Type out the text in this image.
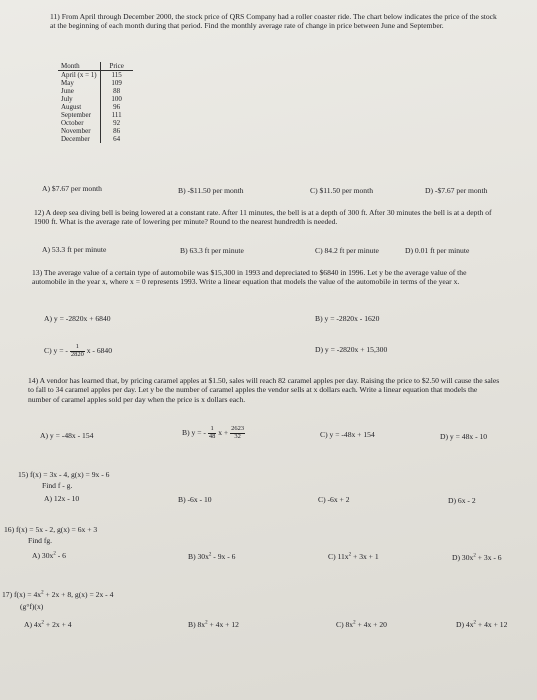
11) From April through December 2000, the stock price of QRS Company had a roller coaster ride. The chart below indicates the price of the stock at the beginning of each month during that period. Find the monthly average rate of change in price between June and September.
Month	Price
April (x = 1)	115
May	109
June	88
July	100
August	96
September	111
October	92
November	86
December	64
A) $7.67 per month	B) -$11.50 per month	C) $11.50 per month	D) -$7.67 per month
12) A deep sea diving bell is being lowered at a constant rate. After 11 minutes, the bell is at a depth of 300 ft. After 30 minutes the bell is at a depth of 1900 ft. What is the average rate of lowering per minute? Round to the nearest hundredth is needed.
A) 53.3 ft per minute	B) 63.3 ft per minute	C) 84.2 ft per minute	D) 0.01 ft per minute
13) The average value of a certain type of automobile was $15,300 in 1993 and depreciated to $6840 in 1996. Let y be the average value of the automobile in the year x, where x = 0 represents 1993. Write a linear equation that models the value of the automobile in terms of the year x.
A) y = -2820x + 6840	B) y = -2820x - 1620
C) y = - $\frac{1}{2820}$ x - 6840	D) y = -2820x + 15,300
14) A vendor has learned that, by pricing caramel apples at $1.50, sales will reach 82 caramel apples per day. Raising the price to $2.50 will cause the sales to fall to 34 caramel apples per day. Let y be the number of caramel apples the vendor sells at x dollars each. Write a linear equation that models the number of caramel apples sold per day when the price is x dollars each.
A) y = -48x - 154	B) y = - $\frac{1}{48}$ $x + \frac{2623}{32}$	C) y = -48x + 154	D) y = 48x - 10
15) f(x) = 3x - 4, g(x) = 9x - 6
Find f - g.
A) 12x - 10	B) -6x - 10	C) -6x + 2	D) 6x - 2
16) f(x) = 5x - 2, g(x) = 6x + 3
Find fg.
A) $30x^2 - 6$	B) $30x^2 - 9x - 6$	C) $11x^2 + 3x + 1$	D) $30x^2 + 3x - 6$
17) $f(x) = 4x^2 + 2x + 8$, g(x) = 2x - 4
(g°f)(x)
A) $4x^2 + 2x + 4$	B) $8x^2 + 4x + 12$	C) $8x^2 + 4x + 20$	D) $4x^2 + 4x + 12$
